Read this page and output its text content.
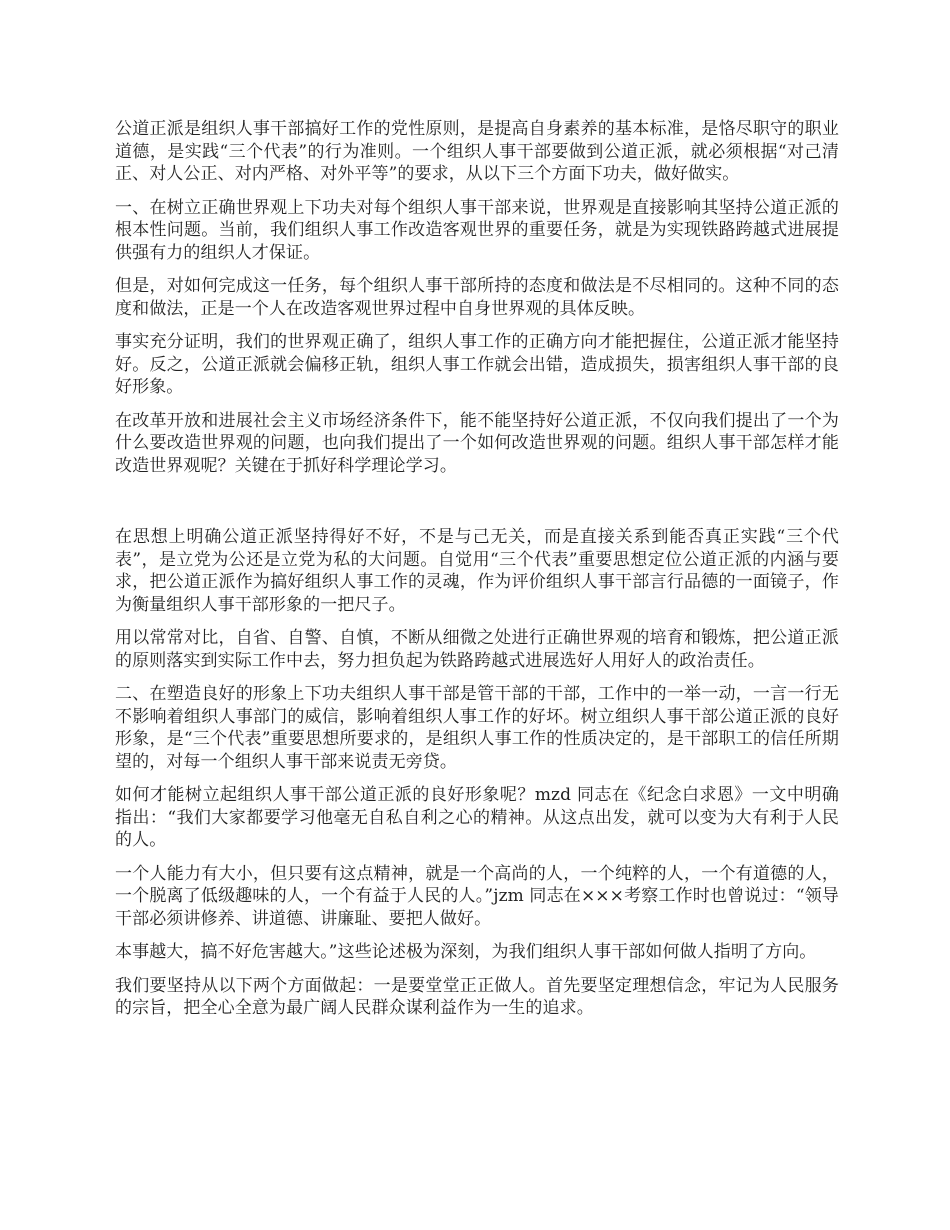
公道正派是组织人事干部搞好工作的党性原则，是提高自身素养的基本标准，是恪尽职守的职业道德，是实践“三个代表”的行为准则。一个组织人事干部要做到公道正派，就必须根据“对己清正、对人公正、对内严格、对外平等”的要求，从以下三个方面下功夫，做好做实。

一、在树立正确世界观上下功夫对每个组织人事干部来说，世界观是直接影响其坚持公道正派的根本性问题。当前，我们组织人事工作改造客观世界的重要任务，就是为实现铁路跨越式进展提供强有力的组织人才保证。

但是，对如何完成这一任务，每个组织人事干部所持的态度和做法是不尽相同的。这种不同的态度和做法，正是一个人在改造客观世界过程中自身世界观的具体反映。

事实充分证明，我们的世界观正确了，组织人事工作的正确方向才能把握住，公道正派才能坚持好。反之，公道正派就会偏移正轨，组织人事工作就会出错，造成损失，损害组织人事干部的良好形象。

在改革开放和进展社会主义市场经济条件下，能不能坚持好公道正派，不仅向我们提出了一个为什么要改造世界观的问题，也向我们提出了一个如何改造世界观的问题。组织人事干部怎样才能改造世界观呢？关键在于抓好科学理论学习。

在思想上明确公道正派坚持得好不好，不是与己无关，而是直接关系到能否真正实践“三个代表”，是立党为公还是立党为私的大问题。自觉用“三个代表”重要思想定位公道正派的内涵与要求，把公道正派作为搞好组织人事工作的灵魂，作为评价组织人事干部言行品德的一面镜子，作为衡量组织人事干部形象的一把尺子。

用以常常对比，自省、自警、自慎，不断从细微之处进行正确世界观的培育和锻炼，把公道正派的原则落实到实际工作中去，努力担负起为铁路跨越式进展选好人用好人的政治责任。

二、在塑造良好的形象上下功夫组织人事干部是管干部的干部，工作中的一举一动，一言一行无不影响着组织人事部门的威信，影响着组织人事工作的好坏。树立组织人事干部公道正派的良好形象，是“三个代表”重要思想所要求的，是组织人事工作的性质决定的，是干部职工的信任所期望的，对每一个组织人事干部来说责无旁贷。

如何才能树立起组织人事干部公道正派的良好形象呢？mzd 同志在《纪念白求恩》一文中明确指出：“我们大家都要学习他毫无自私自利之心的精神。从这点出发，就可以变为大有利于人民的人。

一个人能力有大小，但只要有这点精神，就是一个高尚的人，一个纯粹的人，一个有道德的人，一个脱离了低级趣味的人，一个有益于人民的人。”jzm 同志在×××考察工作时也曾说过：“领导干部必须讲修养、讲道德、讲廉耻、要把人做好。

本事越大，搞不好危害越大。”这些论述极为深刻，为我们组织人事干部如何做人指明了方向。

我们要坚持从以下两个方面做起：一是要堂堂正正做人。首先要坚定理想信念，牢记为人民服务的宗旨，把全心全意为最广阔人民群众谋利益作为一生的追求。
